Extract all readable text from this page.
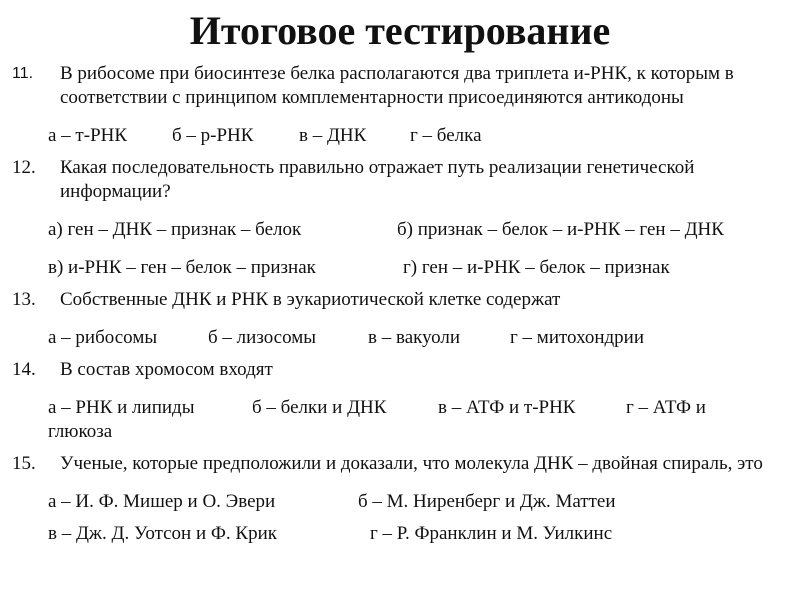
Итоговое тестирование
11. В рибосоме при биосинтезе белка располагаются два триплета и-РНК, к которым в соответствии с принципом комплементарности присоединяются антикодоны
а – т-РНК б – р-РНК в – ДНК г – белка
12. Какая последовательность правильно отражает путь реализации генетической информации?
а) ген – ДНК – признак – белок	б) признак – белок – и-РНК – ген – ДНК
в) и-РНК – ген – белок – признак	г) ген – и-РНК – белок – признак
13. Собственные ДНК и РНК в эукариотической клетке содержат
а – рибосомы	б – лизосомы	в – вакуоли	г – митохондрии
14. В состав хромосом входят
а – РНК и липиды	б – белки и ДНК	в – АТФ и т-РНК	г – АТФ и глюкоза
15. Ученые, которые предположили и доказали, что молекула ДНК – двойная спираль, это
а – И. Ф. Мишер и О. Эвери	б – М. Ниренберг и Дж. Маттеи
в – Дж. Д. Уотсон и Ф. Крик	г – Р. Франклин и М. Уилкинс
